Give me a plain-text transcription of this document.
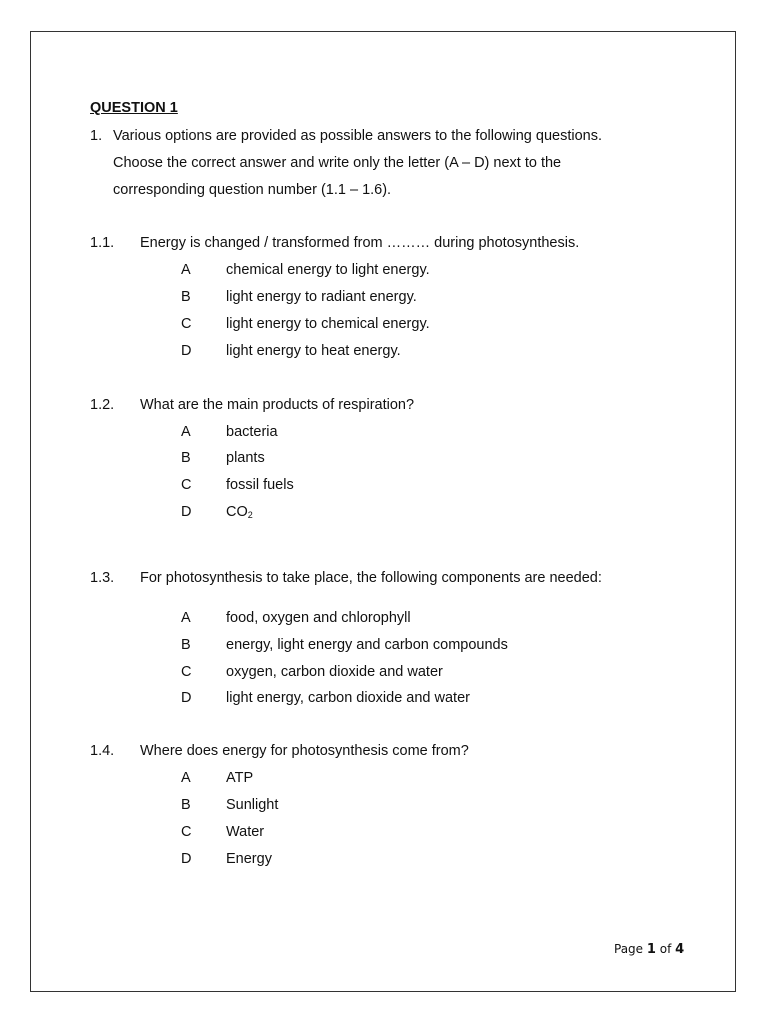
QUESTION 1
1. Various options are provided as possible answers to the following questions.
Choose the correct answer and write only the letter (A – D) next to the
corresponding question number (1.1 – 1.6).
1.1. Energy is changed / transformed from ……… during photosynthesis.
A chemical energy to light energy.
B light energy to radiant energy.
C light energy to chemical energy.
D light energy to heat energy.
1.2. What are the main products of respiration?
A bacteria
B plants
C fossil fuels
D $CO_2$
1.3. For photosynthesis to take place, the following components are needed:
A food, oxygen and chlorophyll
B energy, light energy and carbon compounds
C oxygen, carbon dioxide and water
D light energy, carbon dioxide and water
1.4. Where does energy for photosynthesis come from?
A ATP
B Sunlight
C Water
D Energy
Page 1 of 4
